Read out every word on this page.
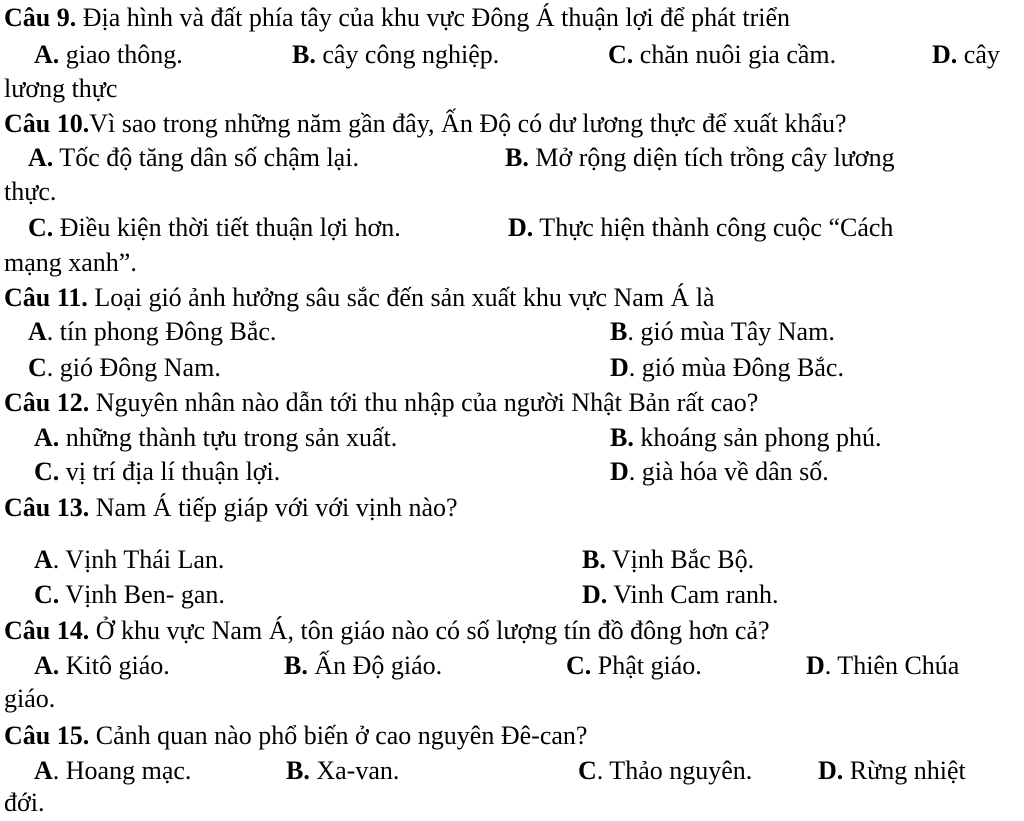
Câu 9. Địa hình và đất phía tây của khu vực Đông Á thuận lợi để phát triển
A. giao thông.	B. cây công nghiệp.	C. chăn nuôi gia cầm.	D. cây
lương thực
Câu 10.Vì sao trong những năm gần đây, Ấn Độ có dư lương thực để xuất khẩu?
A. Tốc độ tăng dân số chậm lại.	B. Mở rộng diện tích trồng cây lương
thực.
C. Điều kiện thời tiết thuận lợi hơn.	D. Thực hiện thành công cuộc “Cách
mạng xanh”.
Câu 11. Loại gió ảnh hưởng sâu sắc đến sản xuất khu vực Nam Á là
A. tín phong Đông Bắc.	B. gió mùa Tây Nam.
C. gió Đông Nam.	D. gió mùa Đông Bắc.
Câu 12. Nguyên nhân nào dẫn tới thu nhập của người Nhật Bản rất cao?
A. những thành tựu trong sản xuất.	B. khoáng sản phong phú.
C. vị trí địa lí thuận lợi.	D. già hóa về dân số.
Câu 13. Nam Á tiếp giáp với với vịnh nào?
A. Vịnh Thái Lan.	B. Vịnh Bắc Bộ.
C. Vịnh Ben- gan.	D. Vinh Cam ranh.
Câu 14. Ở khu vực Nam Á, tôn giáo nào có số lượng tín đồ đông hơn cả?
A. Kitô giáo.	B. Ấn Độ giáo.	C. Phật giáo.	D. Thiên Chúa
giáo.
Câu 15. Cảnh quan nào phổ biến ở cao nguyên Đê-can?
A. Hoang mạc.	B. Xa-van.	C. Thảo nguyên.	D. Rừng nhiệt
đới.
